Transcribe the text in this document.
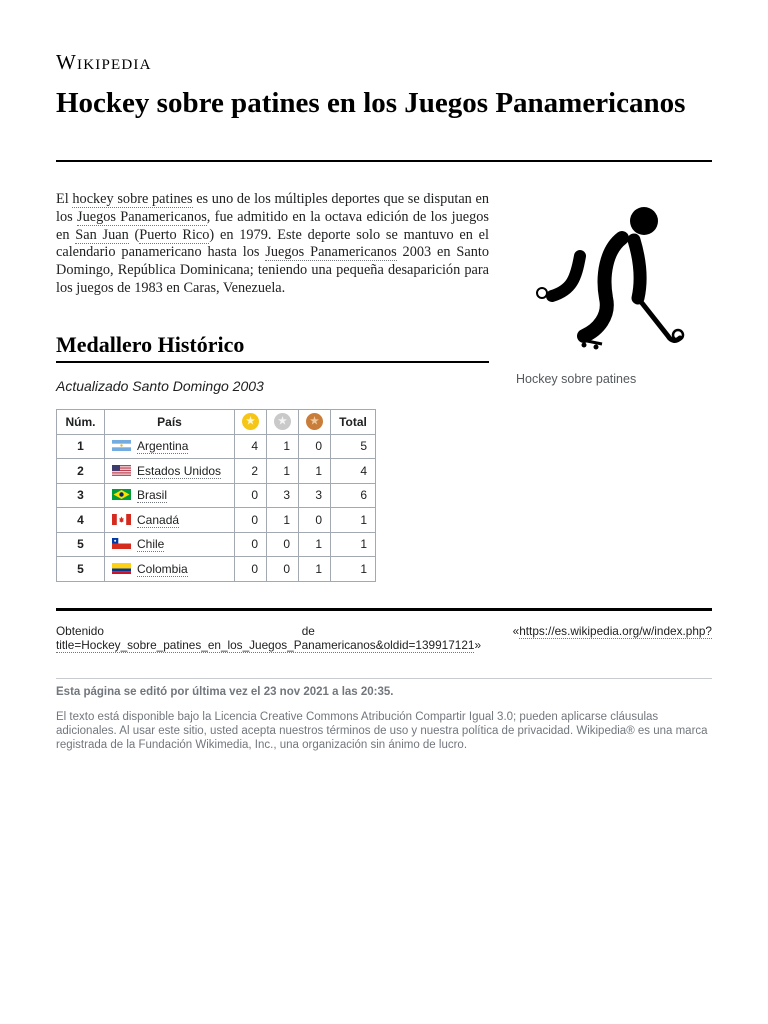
Wikipedia
Hockey sobre patines en los Juegos Panamericanos

El hockey sobre patines es uno de los múltiples deportes que se disputan en los Juegos Panamericanos, fue admitido en la octava edición de los juegos en San Juan (Puerto Rico) en 1979. Este deporte solo se mantuvo en el calendario panamericano hasta los Juegos Panamericanos 2003 en Santo Domingo, República Dominicana; teniendo una pequeña desaparición para los juegos de 1983 en Caras, Venezuela.

Hockey sobre patines
Medallero Histórico
Actualizado Santo Domingo 2003
Núm.	País	★	★	★	Total
1	Argentina	4	1	0	5
2	Estados Unidos	2	1	1	4
3	Brasil	0	3	3	6
4	Canadá	0	1	0	1
5	Chile	0	0	1	1
5	Colombia	0	0	1	1
Obtenido	de	«https://es.wikipedia.org/w/index.php?
title=Hockey_sobre_patines_en_los_Juegos_Panamericanos&oldid=139917121»
Esta página se editó por última vez el 23 nov 2021 a las 20:35.

El texto está disponible bajo la Licencia Creative Commons Atribución Compartir Igual 3.0; pueden aplicarse cláusulas adicionales. Al usar este sitio, usted acepta nuestros términos de uso y nuestra política de privacidad. Wikipedia® es una marca registrada de la Fundación Wikimedia, Inc., una organización sin ánimo de lucro.
